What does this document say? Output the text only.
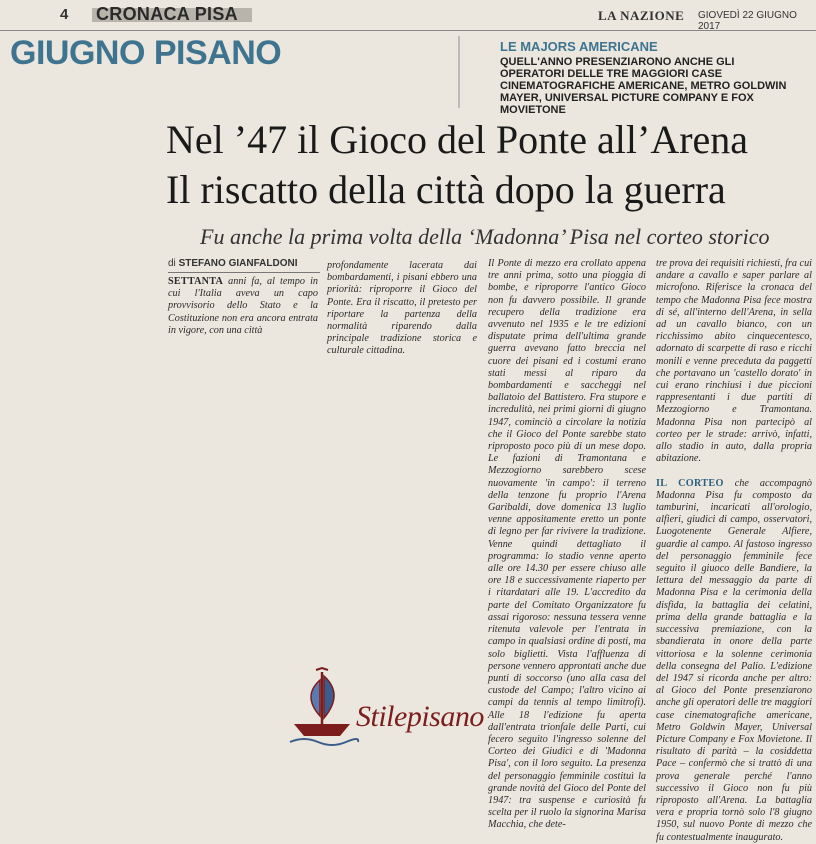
4 CRONACA PISA	LA NAZIONE GIOVEDÌ 22 GIUGNO 2017
GIUGNO PISANO	LE MAJORS AMERICANE
QUELL'ANNO PRESENZIARONO ANCHE GLI OPERATORI DELLE TRE MAGGIORI CASE CINEMATOGRAFICHE AMERICANE, METRO GOLDWIN MAYER, UNIVERSAL PICTURE COMPANY E FOX MOVIETONE
Nel ’47 il Gioco del Ponte all’Arena
Il riscatto della città dopo la guerra
Fu anche la prima volta della ‘Madonna’ Pisa nel corteo storico
di STEFANO GIANFALDONI
SETTANTA anni fa, al tempo in cui l'Italia aveva un capo provvisorio dello Stato e la Costituzione non era ancora entrata in vigore, con una città
profondamente lacerata dai bombardamenti, i pisani ebbero una priorità: riproporre il Gioco del Ponte. Era il riscatto, il pretesto per riportare la partenza della normalità riparendo dalla principale tradizione storica e culturale cittadina.
Il Ponte di mezzo era crollato appena tre anni prima, sotto una pioggia di bombe, e riproporre l'antico Gioco non fu davvero possibile. Il grande recupero della tradizione era avvenuto nel 1935 e le tre edizioni disputate prima dell'ultima grande guerra avevano fatto breccia nel cuore dei pisani ed i costumi erano stati messi al riparo da bombardamenti e saccheggi nel ballatoio del Battistero. Fra stupore e incredulità, nei primi giorni di giugno 1947, cominciò a circolare la notizia che il Gioco del Ponte sarebbe stato riproposto poco più di un mese dopo. Le fazioni di Tramontana e Mezzogiorno sarebbero scese nuovamente 'in campo': il terreno della tenzone fu proprio l'Arena Garibaldi, dove domenica 13 luglio venne appositamente eretto un ponte di legno per far rivivere la tradizione. Venne quindi dettagliato il programma: lo stadio venne aperto alle ore 14.30 per essere chiuso alle ore 18 e successivamente riaperto per i ritardatari alle 19. L'accredito da parte del Comitato Organizzatore fu assai rigoroso: nessuna tessera venne ritenuta valevole per l'entrata in campo in qualsiasi ordine di posti, ma solo biglietti. Vista l'affluenza di persone vennero approntati anche due punti di soccorso (uno alla casa del custode del Campo; l'altro vicino ai campi da tennis al tempo limitrofi). Alle 18 l'edizione fu aperta dall'entrata trionfale delle Parti, cui fecero seguito l'ingresso solenne del Corteo dei Giudici e di 'Madonna Pisa', con il loro seguito. La presenza del personaggio femminile costituì la grande novità del Gioco del Ponte del 1947: tra suspense e curiosità fu scelta per il ruolo la signorina Marisa Macchia, che dete-
tre prova dei requisiti richiesti, fra cui andare a cavallo e saper parlare al microfono. Riferisce la cronaca del tempo che Madonna Pisa fece mostra di sé, all'interno dell'Arena, in sella ad un cavallo bianco, con un ricchissimo abito cinquecentesco, adornato di scarpette di raso e ricchi monili e venne preceduta da paggetti che portavano un 'castello dorato' in cui erano rinchiusi i due piccioni rappresentanti i due partiti di Mezzogiorno e Tramontana. Madonna Pisa non partecipò al corteo per le strade: arrivò, infatti, allo stadio in auto, dalla propria abitazione.

IL CORTEO che accompagnò Madonna Pisa fu composto da tamburini, incaricati all'orologio, alfieri, giudici di campo, osservatori, Luogotenente Generale Alfiere, guardie al campo. Al fastoso ingresso del personaggio femminile fece seguito il giuoco delle Bandiere, la lettura del messaggio da parte di Madonna Pisa e la cerimonia della disfida, la battaglia dei celatini, prima della grande battaglia e la successiva premiazione, con la sbandierata in onore della parte vittoriosa e la solenne cerimonia della consegna del Palio. L'edizione del 1947 si ricorda anche per altro: al Gioco del Ponte presenziarono anche gli operatori delle tre maggiori case cinematografiche americane, Metro Goldwin Mayer, Universal Picture Company e Fox Movietone. Il risultato di parità – la cosiddetta Pace – confermò che si trattò di una prova generale perché l'anno successivo il Gioco non fu più riproposto all'Arena. La battaglia vera e propria tornò solo l'8 giugno 1950, sul nuovo Ponte di mezzo che fu contestualmente inaugurato.
Stilepisano
